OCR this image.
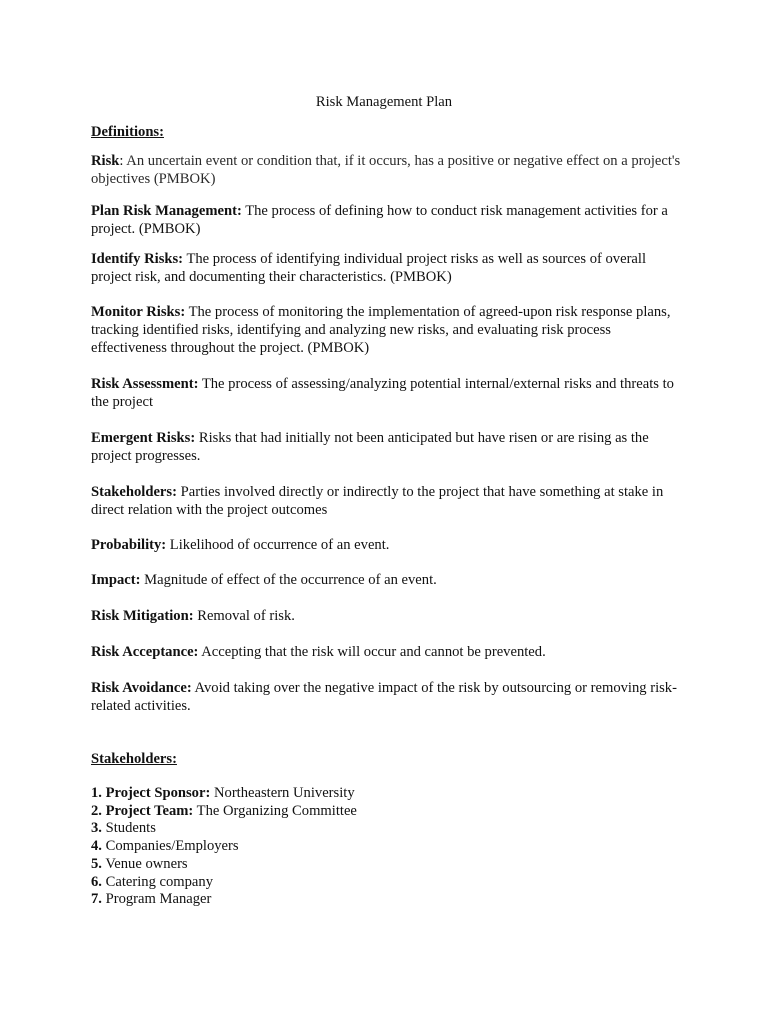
Risk Management Plan
Definitions:
Risk: An uncertain event or condition that, if it occurs, has a positive or negative effect on a project's objectives (PMBOK)
Plan Risk Management: The process of defining how to conduct risk management activities for a project. (PMBOK)
Identify Risks: The process of identifying individual project risks as well as sources of overall project risk, and documenting their characteristics. (PMBOK)
Monitor Risks: The process of monitoring the implementation of agreed-upon risk response plans, tracking identified risks, identifying and analyzing new risks, and evaluating risk process effectiveness throughout the project. (PMBOK)
Risk Assessment: The process of assessing/analyzing potential internal/external risks and threats to the project
Emergent Risks: Risks that had initially not been anticipated but have risen or are rising as the project progresses.
Stakeholders: Parties involved directly or indirectly to the project that have something at stake in direct relation with the project outcomes
Probability: Likelihood of occurrence of an event.
Impact: Magnitude of effect of the occurrence of an event.
Risk Mitigation: Removal of risk.
Risk Acceptance: Accepting that the risk will occur and cannot be prevented.
Risk Avoidance: Avoid taking over the negative impact of the risk by outsourcing or removing risk-related activities.
Stakeholders:
1. Project Sponsor: Northeastern University
2. Project Team: The Organizing Committee
3. Students
4. Companies/Employers
5. Venue owners
6. Catering company
7. Program Manager
